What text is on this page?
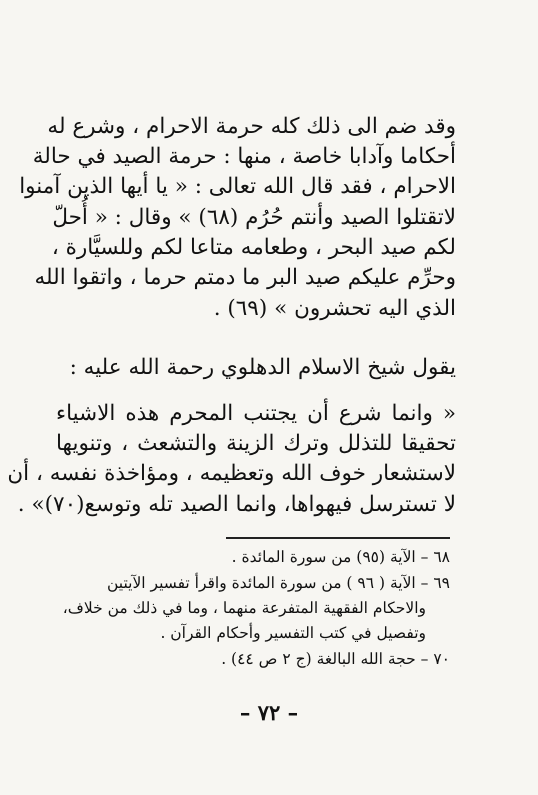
وقد ضم الى ذلك كله حرمة الاحرام ، وشرع له
أحكاما وآدابا خاصة ، منها : حرمة الصيد في حالة
الاحرام ، فقد قال الله تعالى : « يا أيها الذين آمنوا
لاتقتلوا الصيد وأنتم حُرُم (٦٨) » وقال : « أُحلّ
لكم صيد البحر ، وطعامه متاعا لكم وللسيَّارة ،
وحرِّم عليكم صيد البر ما دمتم حرما ، واتقوا الله
الذي اليه تحشرون » (٦٩) .
يقول شيخ الاسلام الدهلوي رحمة الله عليه :
« وانما شرع أن يجتنب المحرم هذه الاشياء
تحقيقا للتذلل وترك الزينة والتشعث ، وتنويها
لاستشعار خوف الله وتعظيمه ، ومؤاخذة نفسه ، أن
لا تسترسل فيهواها، وانما الصيد تله وتوسع(٧٠)» .
٦٨ – الآية (٩٥) من سورة المائدة .
٦٩ – الآية ( ٩٦ ) من سورة المائدة واقرأ تفسير الآيتين
والاحكام الفقهية المتفرعة منهما ، وما في ذلك من خلاف،
وتفصيل في كتب التفسير وأحكام القرآن .
٧٠ – حجة الله البالغة (ج ٢ ص ٤٤) .
– ٧٢ –
